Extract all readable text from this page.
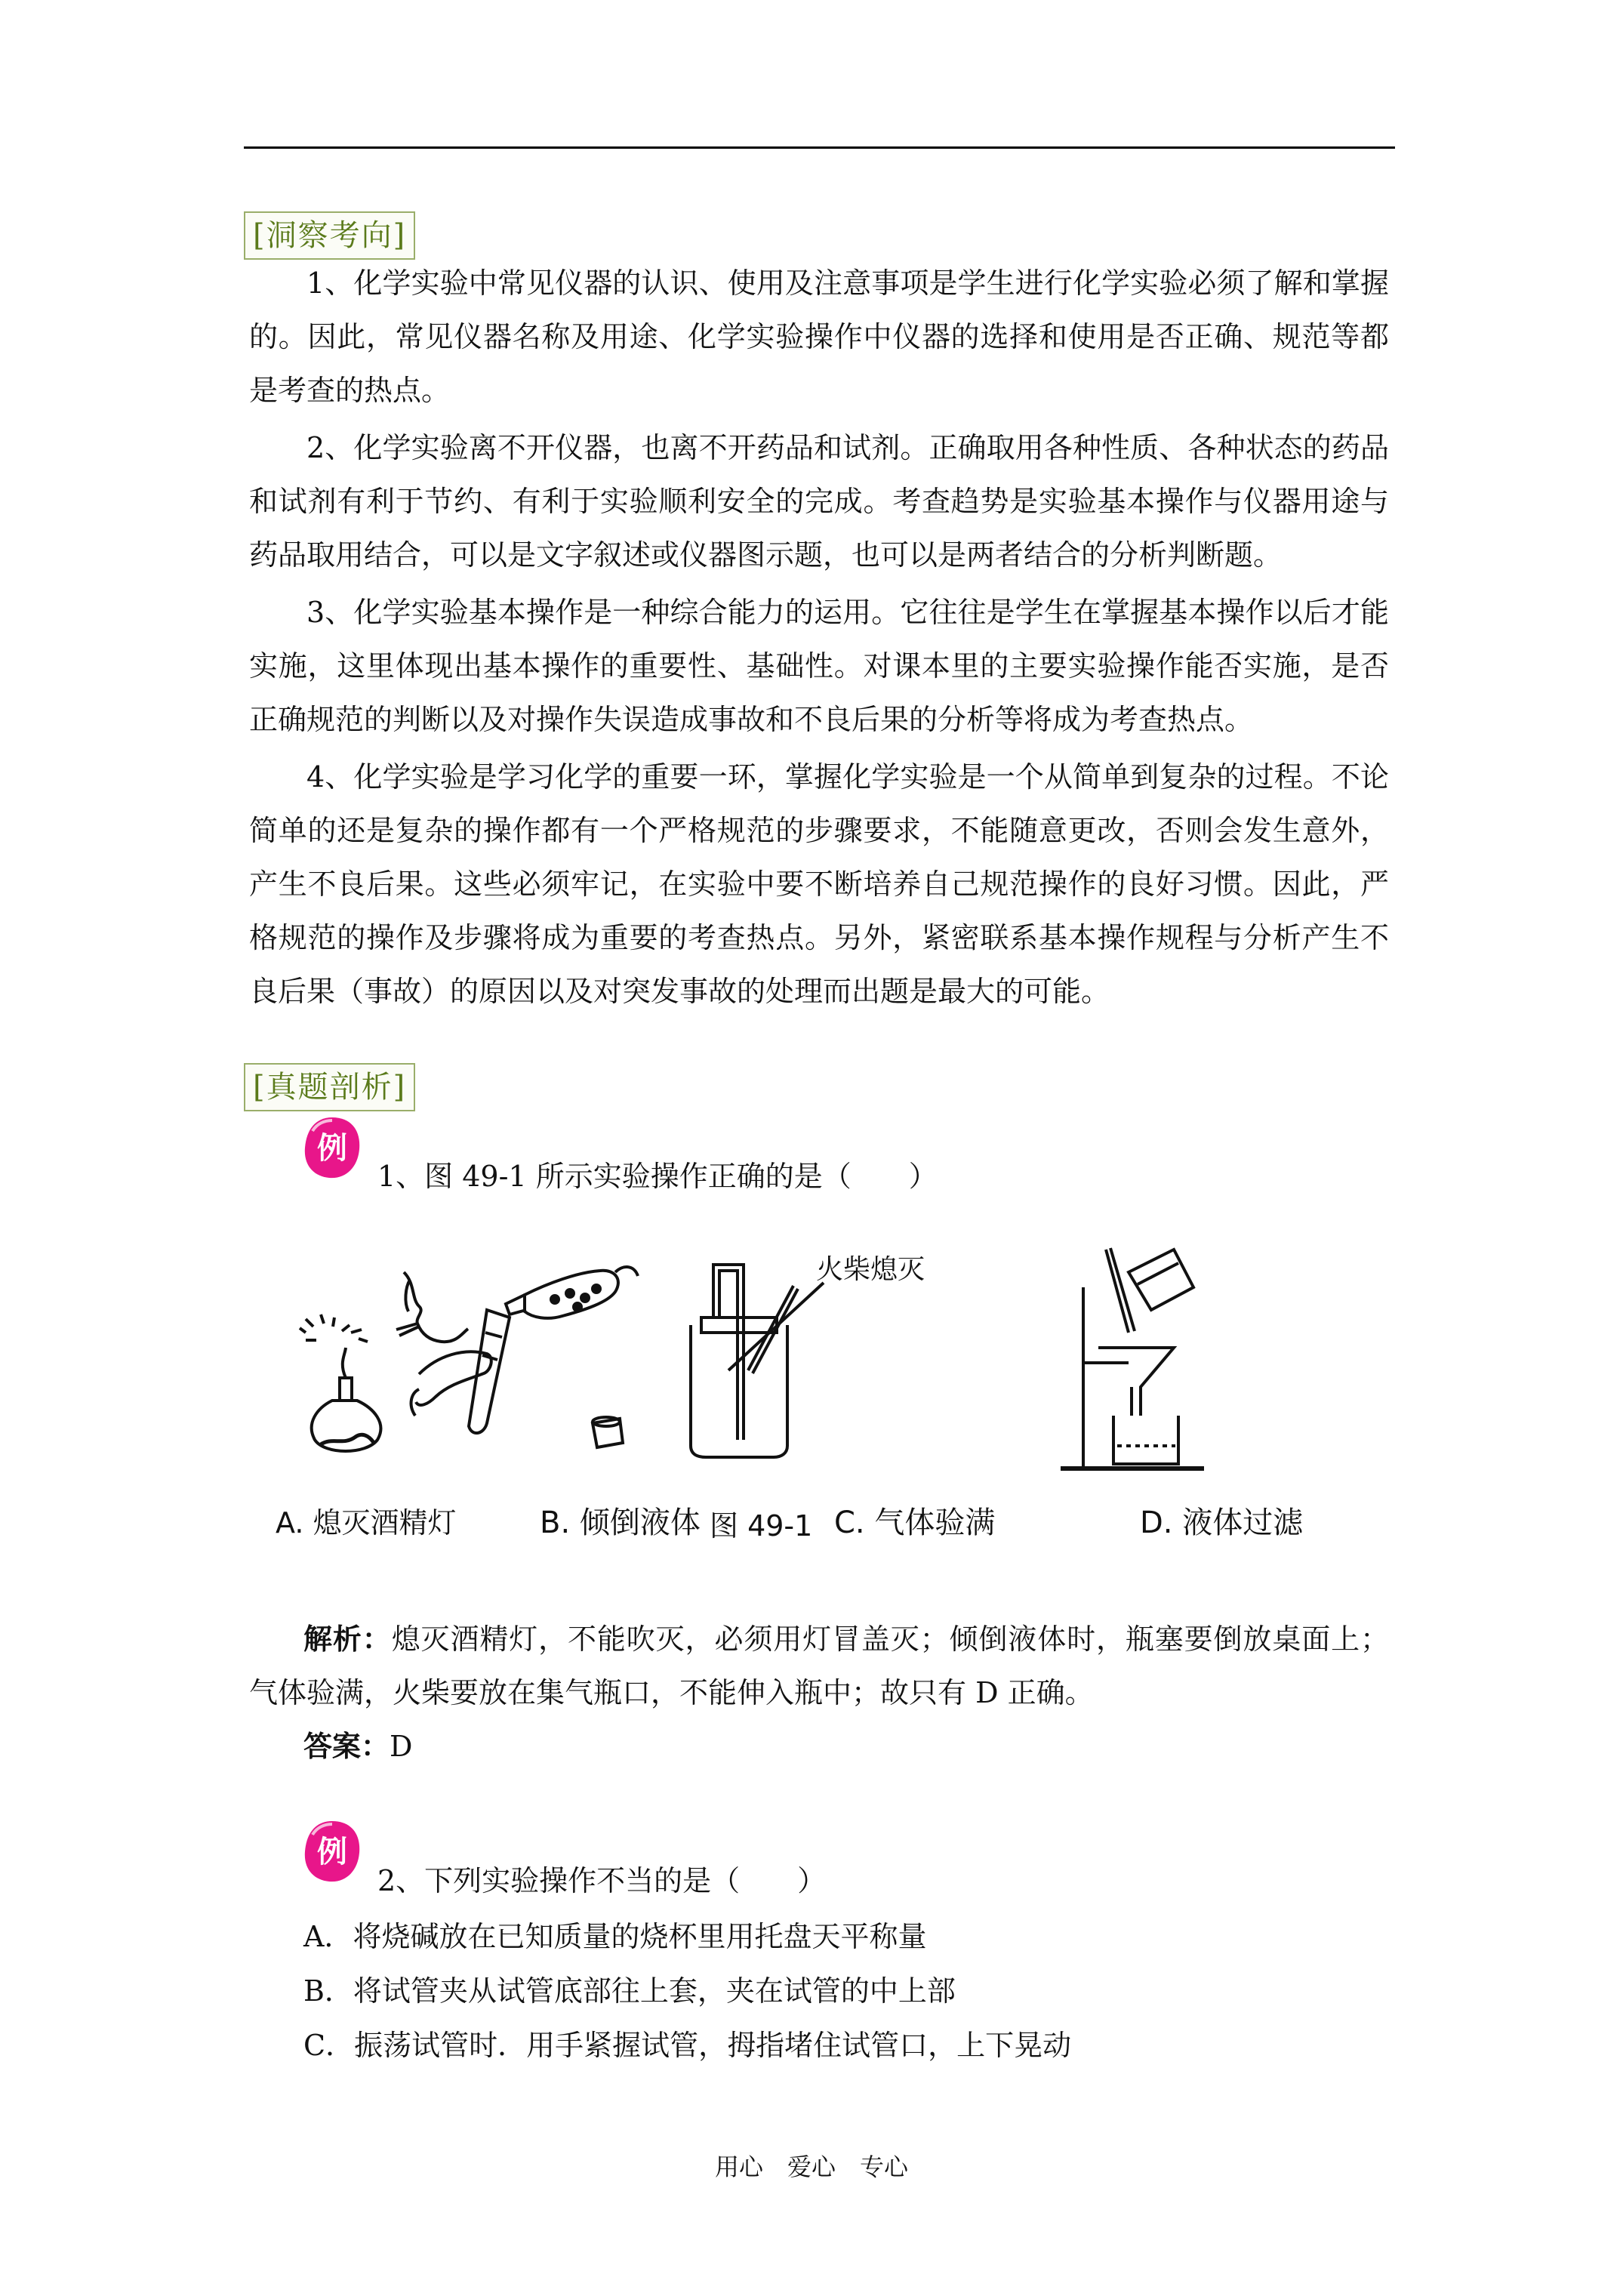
[洞察考向]

1、化学实验中常见仪器的认识、使用及注意事项是学生进行化学实验必须了解和掌握的。因此，常见仪器名称及用途、化学实验操作中仪器的选择和使用是否正确、规范等都是考查的热点。

2、化学实验离不开仪器，也离不开药品和试剂。正确取用各种性质、各种状态的药品和试剂有利于节约、有利于实验顺利安全的完成。考查趋势是实验基本操作与仪器用途与药品取用结合，可以是文字叙述或仪器图示题，也可以是两者结合的分析判断题。

3、化学实验基本操作是一种综合能力的运用。它往往是学生在掌握基本操作以后才能实施，这里体现出基本操作的重要性、基础性。对课本里的主要实验操作能否实施，是否正确规范的判断以及对操作失误造成事故和不良后果的分析等将成为考查热点。

4、化学实验是学习化学的重要一环，掌握化学实验是一个从简单到复杂的过程。不论简单的还是复杂的操作都有一个严格规范的步骤要求，不能随意更改，否则会发生意外，产生不良后果。这些必须牢记，在实验中要不断培养自己规范操作的良好习惯。因此，严格规范的操作及步骤将成为重要的考查热点。另外，紧密联系基本操作规程与分析产生不良后果（事故）的原因以及对突发事故的处理而出题是最大的可能。

[真题剖析]
例

1、图 49-1 所示实验操作正确的是（　　）

火柴熄灭
A. 熄灭酒精灯	B. 倾倒液体	C. 气体验满	D. 液体过滤
图 49-1

解析：熄灭酒精灯，不能吹灭，必须用灯冒盖灭；倾倒液体时，瓶塞要倒放桌面上；气体验满，火柴要放在集气瓶口，不能伸入瓶中；故只有 D 正确。

答案：D

例

2、下列实验操作不当的是（　　）

A．将烧碱放在已知质量的烧杯里用托盘天平称量

B．将试管夹从试管底部往上套，夹在试管的中上部

C．振荡试管时．用手紧握试管，拇指堵住试管口，上下晃动

用心　爱心　专心
